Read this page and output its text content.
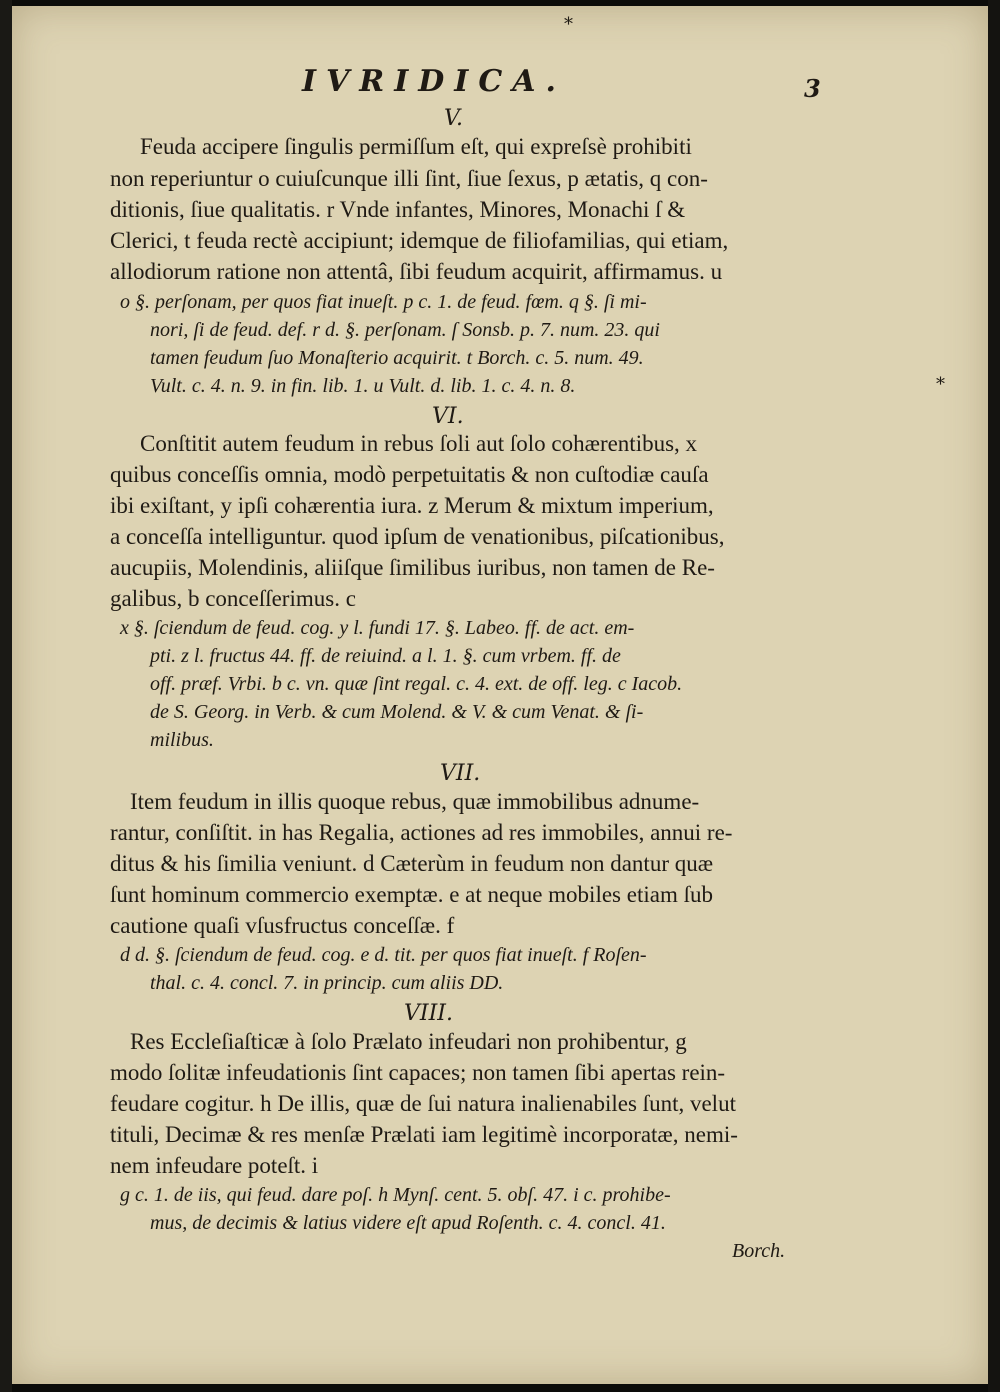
*
IVRIDICA.	3
*
V.
Feuda accipere ſingulis permiſſum eſt, qui expreſsè prohibiti
non reperiuntur o cuiuſcunque illi ſint, ſiue ſexus, p ætatis, q con-
ditionis, ſiue qualitatis. r Vnde infantes, Minores, Monachi ſ &
Clerici, t feuda rectè accipiunt; idemque de filiofamilias, qui etiam,
allodiorum ratione non attentâ, ſibi feudum acquirit, affirmamus. u
o §. perſonam, per quos fiat inueſt. p c. 1. de feud. fœm. q §. ſi mi-
nori, ſi de feud. def. r d. §. perſonam. ſ Sonsb. p. 7. num. 23. qui
tamen feudum ſuo Monaſterio acquirit. t Borch. c. 5. num. 49.
Vult. c. 4. n. 9. in fin. lib. 1. u Vult. d. lib. 1. c. 4. n. 8.
VI.
Conſtitit autem feudum in rebus ſoli aut ſolo cohærentibus, x
quibus conceſſis omnia, modò perpetuitatis & non cuſtodiæ cauſa
ibi exiſtant, y ipſi cohærentia iura. z Merum & mixtum imperium,
a conceſſa intelliguntur. quod ipſum de venationibus, piſcationibus,
aucupiis, Molendinis, aliiſque ſimilibus iuribus, non tamen de Re-
galibus, b conceſſerimus. c
x §. ſciendum de feud. cog. y l. fundi 17. §. Labeo. ff. de act. em-
pti. z l. fructus 44. ff. de reiuind. a l. 1. §. cum vrbem. ff. de
off. præf. Vrbi. b c. vn. quæ ſint regal. c. 4. ext. de off. leg. c Iacob.
de S. Georg. in Verb. & cum Molend. & V. & cum Venat. & ſi-
milibus.
VII.
Item feudum in illis quoque rebus, quæ immobilibus adnume-
rantur, conſiſtit. in has Regalia, actiones ad res immobiles, annui re-
ditus & his ſimilia veniunt. d Cæterùm in feudum non dantur quæ
ſunt hominum commercio exemptæ. e at neque mobiles etiam ſub
cautione quaſi vſusfructus conceſſæ. f
d d. §. ſciendum de feud. cog. e d. tit. per quos fiat inueſt. f Roſen-
thal. c. 4. concl. 7. in princip. cum aliis DD.
VIII.
Res Eccleſiaſticæ à ſolo Prælato infeudari non prohibentur, g
modo ſolitæ infeudationis ſint capaces; non tamen ſibi apertas rein-
feudare cogitur. h De illis, quæ de ſui natura inalienabiles ſunt, velut
tituli, Decimæ & res menſæ Prælati iam legitimè incorporatæ, nemi-
nem infeudare poteſt. i
g c. 1. de iis, qui feud. dare poſ. h Mynſ. cent. 5. obſ. 47. i c. prohibe-
mus, de decimis & latius videre eſt apud Roſenth. c. 4. concl. 41.
Borch.
